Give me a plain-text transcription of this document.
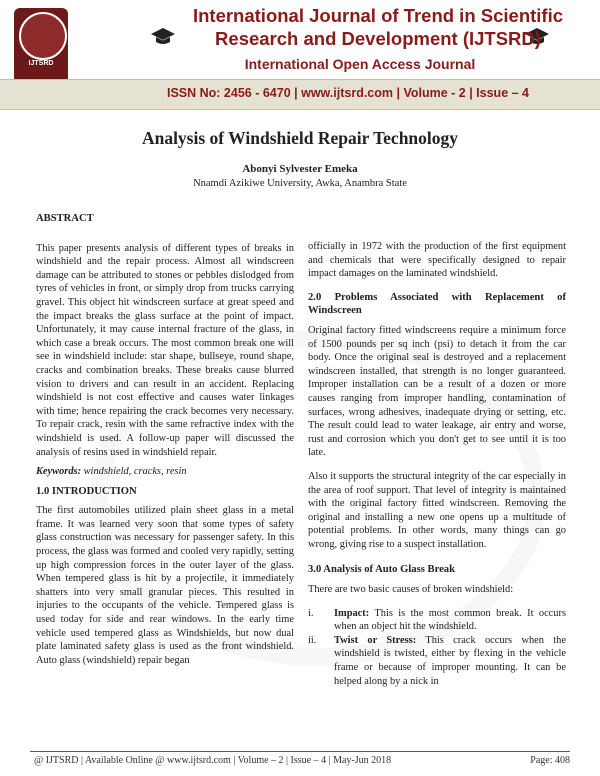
IJTSRD
International Journal of Trend in Scientific
Research and Development (IJTSRD)
International Open Access Journal
ISSN No: 2456 - 6470 | www.ijtsrd.com | Volume - 2 | Issue – 4
Analysis of Windshield Repair Technology
Abonyi Sylvester Emeka
Nnamdi Azikiwe University, Awka, Anambra State

ABSTRACT

This paper presents analysis of different types of breaks in windshield and the repair process. Almost all windscreen damage can be attributed to stones or pebbles dislodged from tyres of vehicles in front, or simply drop from trucks carrying gravel. This object hit windscreen surface at great speed and the impact breaks the glass surface at the point of impact. Unfortunately, it may cause internal fracture of the glass, in which case a break occurs. The most common break one will see in windshield include: star shape, bullseye, round shape, cracks and combination breaks. These breaks cause blurred vision to drivers and can result in an accident. Replacing windshield is not cost effective and causes water linkages with time; hence repairing the crack becomes very necessary. To repair crack, resin with the same refractive index with the windshield is used. A follow-up paper will discussed the analysis of resins used in windshield repair.

Keywords: windshield, cracks, resin

1.0 INTRODUCTION

The first automobiles utilized plain sheet glass in a metal frame. It was learned very soon that some types of safety glass construction was necessary for passenger safety. In this process, the glass was formed and cooled very rapidly, setting up high compression forces in the outer layer of the glass. When tempered glass is hit by a projectile, it immediately shatters into very small granular pieces. This resulted in injuries to the occupants of the vehicle. Tempered glass is used today for side and rear windows. In the early time vehicle used tempered glass as Windshields, but now dual plate laminated safety glass is used as the front windshield. Auto glass (windshield) repair began

officially in 1972 with the production of the first equipment and chemicals that were specifically designed to repair impact damages on the laminated windshield.

2.0 Problems Associated with Replacement of Windscreen

Original factory fitted windscreens require a minimum force of 1500 pounds per sq inch (psi) to detach it from the car body. Once the original seal is destroyed and a replacement windscreen installed, that strength is no longer guaranteed. Improper installation can be a result of a dozen or more causes ranging from improper handling, contamination of surfaces, wrong adhesives, inadequate drying or setting, etc. The result could lead to water leakage, air entry and worse, rust and corrosion which you don't get to see until it is too late.

Also it supports the structural integrity of the car especially in the area of roof support. That level of integrity is maintained with the original factory fitted windscreen. Removing the original and installing a new one opens up a multitude of potential problems. In other words, many things can go wrong, giving rise to a suspect installation.

3.0 Analysis of Auto Glass Break

There are two basic causes of broken windshield:

i.	Impact: This is the most common break. It occurs when an object hit the windshield.
ii.	Twist or Stress: This crack occurs when the windshield is twisted, either by flexing in the vehicle frame or because of improper mounting. It can be helped along by a nick in
@ IJTSRD | Available Online @ www.ijtsrd.com | Volume – 2 | Issue – 4 | May-Jun 2018	Page: 408
